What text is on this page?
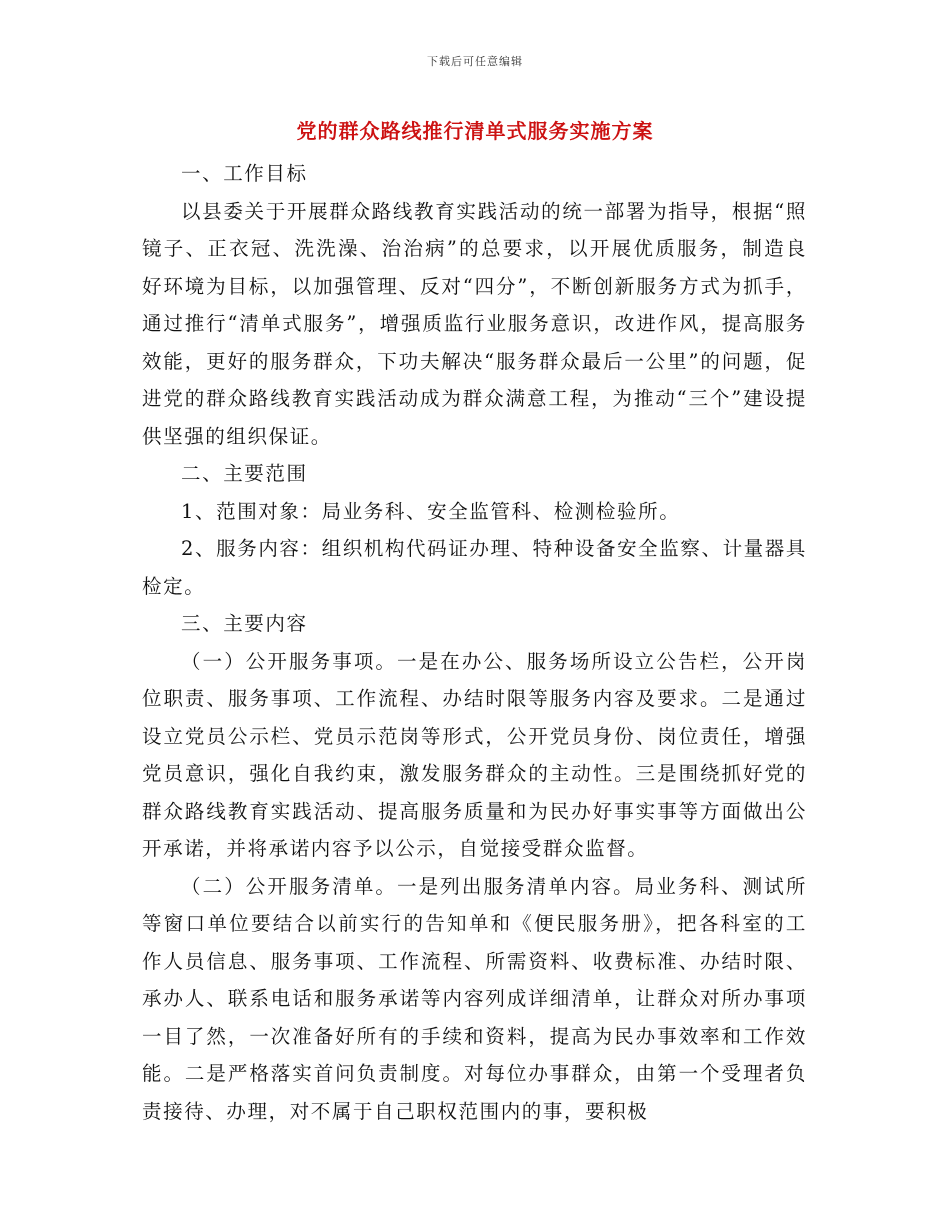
下载后可任意编辑
党的群众路线推行清单式服务实施方案

一、工作目标

以县委关于开展群众路线教育实践活动的统一部署为指导，根据“照镜子、正衣冠、洗洗澡、治治病”的总要求，以开展优质服务，制造良好环境为目标，以加强管理、反对“四分”，不断创新服务方式为抓手，通过推行“清单式服务”，增强质监行业服务意识，改进作风，提高服务效能，更好的服务群众，下功夫解决“服务群众最后一公里”的问题，促进党的群众路线教育实践活动成为群众满意工程，为推动“三个”建设提供坚强的组织保证。

二、主要范围

1、范围对象：局业务科、安全监管科、检测检验所。

2、服务内容：组织机构代码证办理、特种设备安全监察、计量器具检定。

三、主要内容

（一）公开服务事项。一是在办公、服务场所设立公告栏，公开岗位职责、服务事项、工作流程、办结时限等服务内容及要求。二是通过设立党员公示栏、党员示范岗等形式，公开党员身份、岗位责任，增强党员意识，强化自我约束，激发服务群众的主动性。三是围绕抓好党的群众路线教育实践活动、提高服务质量和为民办好事实事等方面做出公开承诺，并将承诺内容予以公示，自觉接受群众监督。

（二）公开服务清单。一是列出服务清单内容。局业务科、测试所等窗口单位要结合以前实行的告知单和《便民服务册》，把各科室的工作人员信息、服务事项、工作流程、所需资料、收费标准、办结时限、承办人、联系电话和服务承诺等内容列成详细清单，让群众对所办事项一目了然，一次准备好所有的手续和资料，提高为民办事效率和工作效能。二是严格落实首问负责制度。对每位办事群众，由第一个受理者负责接待、办理，对不属于自己职权范围内的事，要积极
